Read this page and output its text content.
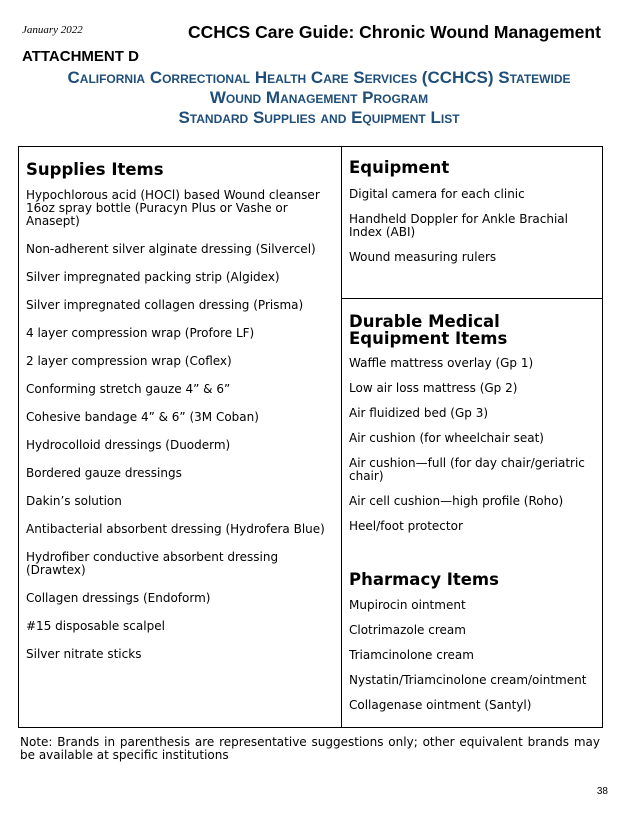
January 2022	CCHCS Care Guide: Chronic Wound Management
ATTACHMENT D
California Correctional Health Care Services (CCHCS) Statewide
Wound Management Program
Standard Supplies and Equipment List
Supplies Items
Hypochlorous acid (HOCl) based Wound cleanser 16oz spray bottle (Puracyn Plus or Vashe or Anasept)
Non-adherent silver alginate dressing (Silvercel)
Silver impregnated packing strip (Algidex)
Silver impregnated collagen dressing (Prisma)
4 layer compression wrap (Profore LF)
2 layer compression wrap (Coflex)
Conforming stretch gauze 4” & 6”
Cohesive bandage 4” & 6” (3M Coban)
Hydrocolloid dressings (Duoderm)
Bordered gauze dressings
Dakin’s solution
Antibacterial absorbent dressing (Hydrofera Blue)
Hydrofiber conductive absorbent dressing (Drawtex)
Collagen dressings (Endoform)
#15 disposable scalpel
Silver nitrate sticks
Equipment
Digital camera for each clinic
Handheld Doppler for Ankle Brachial Index (ABI)
Wound measuring rulers
Durable Medical Equipment Items
Waffle mattress overlay (Gp 1)
Low air loss mattress (Gp 2)
Air fluidized bed (Gp 3)
Air cushion (for wheelchair seat)
Air cushion—full (for day chair/geriatric chair)
Air cell cushion—high profile (Roho)
Heel/foot protector
Pharmacy Items
Mupirocin ointment
Clotrimazole cream
Triamcinolone cream
Nystatin/Triamcinolone cream/ointment
Collagenase ointment (Santyl)
Note: Brands in parenthesis are representative suggestions only; other equivalent brands may be available at specific institutions
38
